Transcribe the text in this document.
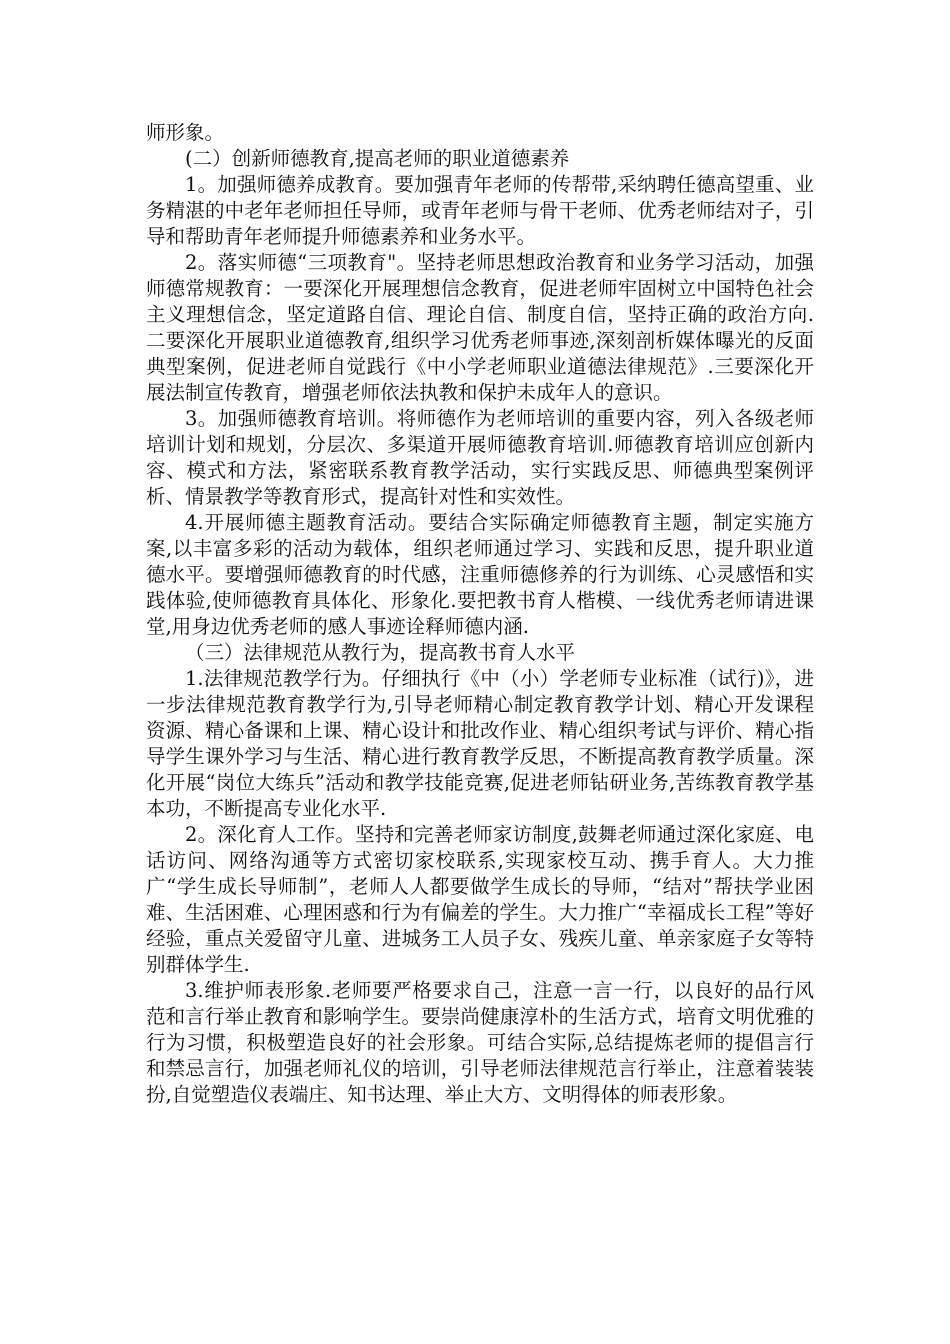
师形象。

(二）创新师德教育,提高老师的职业道德素养

1。加强师德养成教育。要加强青年老师的传帮带,采纳聘任德高望重、业务精湛的中老年老师担任导师，或青年老师与骨干老师、优秀老师结对子，引导和帮助青年老师提升师德素养和业务水平。

2。落实师德“三项教育"。坚持老师思想政治教育和业务学习活动，加强师德常规教育：一要深化开展理想信念教育，促进老师牢固树立中国特色社会主义理想信念，坚定道路自信、理论自信、制度自信，坚持正确的政治方向.二要深化开展职业道德教育,组织学习优秀老师事迹,深刻剖析媒体曝光的反面典型案例，促进老师自觉践行《中小学老师职业道德法律规范》.三要深化开展法制宣传教育，增强老师依法执教和保护未成年人的意识。

3。加强师德教育培训。将师德作为老师培训的重要内容，列入各级老师培训计划和规划，分层次、多渠道开展师德教育培训.师德教育培训应创新内容、模式和方法，紧密联系教育教学活动，实行实践反思、师德典型案例评析、情景教学等教育形式，提高针对性和实效性。

4.开展师德主题教育活动。要结合实际确定师德教育主题，制定实施方案,以丰富多彩的活动为载体，组织老师通过学习、实践和反思，提升职业道德水平。要增强师德教育的时代感，注重师德修养的行为训练、心灵感悟和实践体验,使师德教育具体化、形象化.要把教书育人楷模、一线优秀老师请进课堂,用身边优秀老师的感人事迹诠释师德内涵.

（三）法律规范从教行为，提高教书育人水平

1.法律规范教学行为。仔细执行《中（小）学老师专业标准（试行)》，进一步法律规范教育教学行为,引导老师精心制定教育教学计划、精心开发课程资源、精心备课和上课、精心设计和批改作业、精心组织考试与评价、精心指导学生课外学习与生活、精心进行教育教学反思，不断提高教育教学质量。深化开展“岗位大练兵”活动和教学技能竞赛,促进老师钻研业务,苦练教育教学基本功，不断提高专业化水平.

2。深化育人工作。坚持和完善老师家访制度,鼓舞老师通过深化家庭、电话访问、网络沟通等方式密切家校联系,实现家校互动、携手育人。大力推广“学生成长导师制”，老师人人都要做学生成长的导师，“结对”帮扶学业困难、生活困难、心理困惑和行为有偏差的学生。大力推广“幸福成长工程”等好经验，重点关爱留守儿童、进城务工人员子女、残疾儿童、单亲家庭子女等特别群体学生.

3.维护师表形象.老师要严格要求自己，注意一言一行，以良好的品行风范和言行举止教育和影响学生。要崇尚健康淳朴的生活方式，培育文明优雅的行为习惯，积极塑造良好的社会形象。可结合实际,总结提炼老师的提倡言行和禁忌言行，加强老师礼仪的培训，引导老师法律规范言行举止，注意着装装扮,自觉塑造仪表端庄、知书达理、举止大方、文明得体的师表形象。
